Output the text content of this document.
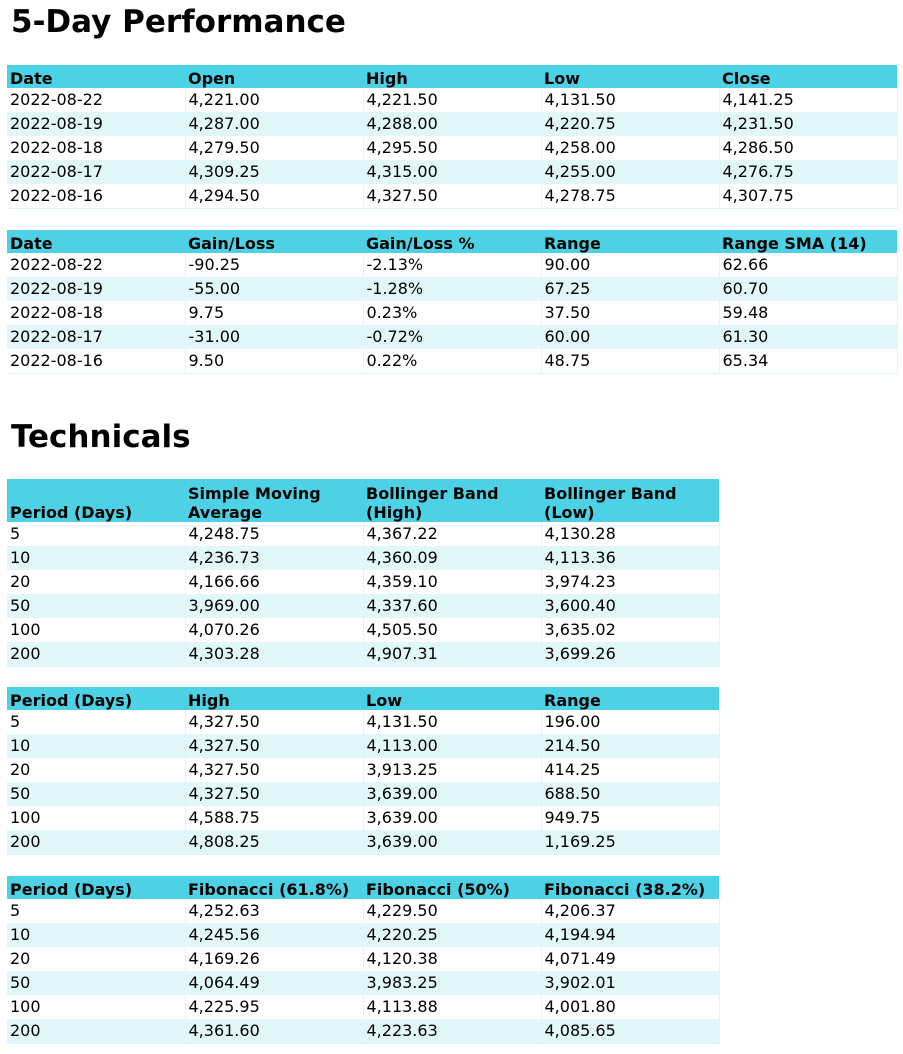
5-Day Performance
Date	Open	High	Low	Close
2022-08-22	4,221.00	4,221.50	4,131.50	4,141.25
2022-08-19	4,287.00	4,288.00	4,220.75	4,231.50
2022-08-18	4,279.50	4,295.50	4,258.00	4,286.50
2022-08-17	4,309.25	4,315.00	4,255.00	4,276.75
2022-08-16	4,294.50	4,327.50	4,278.75	4,307.75
Date	Gain/Loss	Gain/Loss %	Range	Range SMA (14)
2022-08-22	-90.25	-2.13%	90.00	62.66
2022-08-19	-55.00	-1.28%	67.25	60.70
2022-08-18	9.75	0.23%	37.50	59.48
2022-08-17	-31.00	-0.72%	60.00	61.30
2022-08-16	9.50	0.22%	48.75	65.34
Technicals
Period (Days)	Simple Moving Average	Bollinger Band (High)	Bollinger Band (Low)
5	4,248.75	4,367.22	4,130.28
10	4,236.73	4,360.09	4,113.36
20	4,166.66	4,359.10	3,974.23
50	3,969.00	4,337.60	3,600.40
100	4,070.26	4,505.50	3,635.02
200	4,303.28	4,907.31	3,699.26
Period (Days)	High	Low	Range
5	4,327.50	4,131.50	196.00
10	4,327.50	4,113.00	214.50
20	4,327.50	3,913.25	414.25
50	4,327.50	3,639.00	688.50
100	4,588.75	3,639.00	949.75
200	4,808.25	3,639.00	1,169.25
Period (Days)	Fibonacci (61.8%)	Fibonacci (50%)	Fibonacci (38.2%)
5	4,252.63	4,229.50	4,206.37
10	4,245.56	4,220.25	4,194.94
20	4,169.26	4,120.38	4,071.49
50	4,064.49	3,983.25	3,902.01
100	4,225.95	4,113.88	4,001.80
200	4,361.60	4,223.63	4,085.65
